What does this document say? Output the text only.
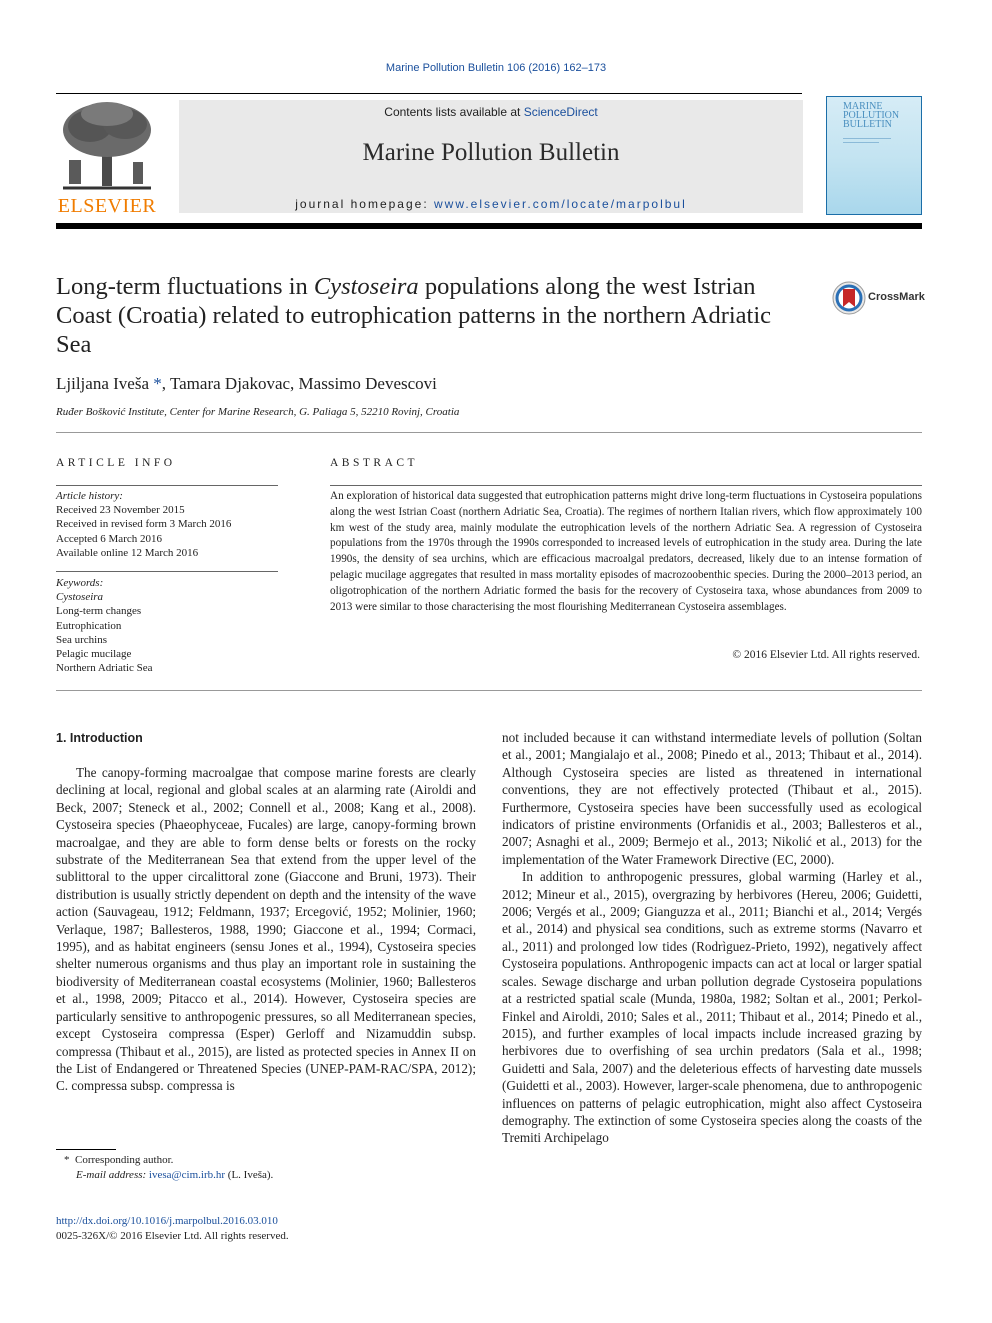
Marine Pollution Bulletin 106 (2016) 162–173
ELSEVIER
Contents lists available at ScienceDirect
Marine Pollution Bulletin
journal homepage: www.elsevier.com/locate/marpolbul
MARINE POLLUTION BULLETIN
Long-term fluctuations in Cystoseira populations along the west Istrian Coast (Croatia) related to eutrophication patterns in the northern Adriatic Sea
CrossMark
Ljiljana Iveša *, Tamara Djakovac, Massimo Devescovi
Ruđer Bošković Institute, Center for Marine Research, G. Paliaga 5, 52210 Rovinj, Croatia
ARTICLE INFO
Article history:
Received 23 November 2015
Received in revised form 3 March 2016
Accepted 6 March 2016
Available online 12 March 2016
Keywords:
Cystoseira
Long-term changes
Eutrophication
Sea urchins
Pelagic mucilage
Northern Adriatic Sea
ABSTRACT
An exploration of historical data suggested that eutrophication patterns might drive long-term fluctuations in Cystoseira populations along the west Istrian Coast (northern Adriatic Sea, Croatia). The regimes of northern Italian rivers, which flow approximately 100 km west of the study area, mainly modulate the eutrophication levels of the northern Adriatic Sea. A regression of Cystoseira populations from the 1970s through the 1990s corresponded to increased levels of eutrophication in the study area. During the late 1990s, the density of sea urchins, which are efficacious macroalgal predators, decreased, likely due to an intense formation of pelagic mucilage aggregates that resulted in mass mortality episodes of macrozoobenthic species. During the 2000–2013 period, an oligotrophication of the northern Adriatic formed the basis for the recovery of Cystoseira taxa, whose abundances from 2009 to 2013 were similar to those characterising the most flourishing Mediterranean Cystoseira assemblages.
© 2016 Elsevier Ltd. All rights reserved.
1. Introduction

The canopy-forming macroalgae that compose marine forests are clearly declining at local, regional and global scales at an alarming rate (Airoldi and Beck, 2007; Steneck et al., 2002; Connell et al., 2008; Kang et al., 2008). Cystoseira species (Phaeophyceae, Fucales) are large, canopy-forming brown macroalgae, and they are able to form dense belts or forests on the rocky substrate of the Mediterranean Sea that extend from the upper level of the sublittoral to the upper circalittoral zone (Giaccone and Bruni, 1973). Their distribution is usually strictly dependent on depth and the intensity of the wave action (Sauvageau, 1912; Feldmann, 1937; Ercegović, 1952; Molinier, 1960; Verlaque, 1987; Ballesteros, 1988, 1990; Giaccone et al., 1994; Cormaci, 1995), and as habitat engineers (sensu Jones et al., 1994), Cystoseira species shelter numerous organisms and thus play an important role in sustaining the biodiversity of Mediterranean coastal ecosystems (Molinier, 1960; Ballesteros et al., 1998, 2009; Pitacco et al., 2014). However, Cystoseira species are particularly sensitive to anthropogenic pressures, so all Mediterranean species, except Cystoseira compressa (Esper) Gerloff and Nizamuddin subsp. compressa (Thibaut et al., 2015), are listed as protected species in Annex II on the List of Endangered or Threatened Species (UNEP-PAM-RAC/SPA, 2012); C. compressa subsp. compressa is

not included because it can withstand intermediate levels of pollution (Soltan et al., 2001; Mangialajo et al., 2008; Pinedo et al., 2013; Thibaut et al., 2014). Although Cystoseira species are listed as threatened in international conventions, they are not effectively protected (Thibaut et al., 2015). Furthermore, Cystoseira species have been successfully used as ecological indicators of pristine environments (Orfanidis et al., 2003; Ballesteros et al., 2007; Asnaghi et al., 2009; Bermejo et al., 2013; Nikolić et al., 2013) for the implementation of the Water Framework Directive (EC, 2000).

In addition to anthropogenic pressures, global warming (Harley et al., 2012; Mineur et al., 2015), overgrazing by herbivores (Hereu, 2006; Guidetti, 2006; Vergés et al., 2009; Gianguzza et al., 2011; Bianchi et al., 2014; Vergés et al., 2014) and physical sea conditions, such as extreme storms (Navarro et al., 2011) and prolonged low tides (Rodrìguez-Prieto, 1992), negatively affect Cystoseira populations. Anthropogenic impacts can act at local or larger spatial scales. Sewage discharge and urban pollution degrade Cystoseira populations at a restricted spatial scale (Munda, 1980a, 1982; Soltan et al., 2001; Perkol-Finkel and Airoldi, 2010; Sales et al., 2011; Thibaut et al., 2014; Pinedo et al., 2015), and further examples of local impacts include increased grazing by herbivores due to overfishing of sea urchin predators (Sala et al., 1998; Guidetti and Sala, 2007) and the deleterious effects of harvesting date mussels (Guidetti et al., 2003). However, larger-scale phenomena, due to anthropogenic influences on patterns of pelagic eutrophication, might also affect Cystoseira demography. The extinction of some Cystoseira species along the coasts of the Tremiti Archipelago

* Corresponding author.
E-mail address: ivesa@cim.irb.hr (L. Iveša).
http://dx.doi.org/10.1016/j.marpolbul.2016.03.010
0025-326X/© 2016 Elsevier Ltd. All rights reserved.
